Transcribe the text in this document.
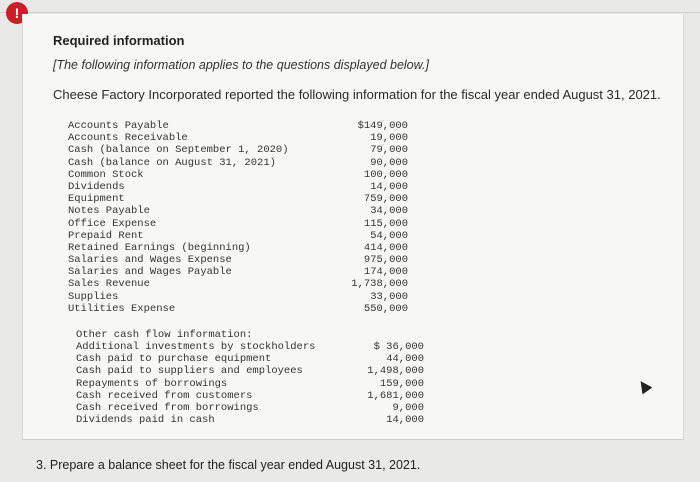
!
Required information
[The following information applies to the questions displayed below.]
Cheese Factory Incorporated reported the following information for the fiscal year ended August 31, 2021.
Accounts Payable	$149,000
Accounts Receivable	19,000
Cash (balance on September 1, 2020)	79,000
Cash (balance on August 31, 2021)	90,000
Common Stock	100,000
Dividends	14,000
Equipment	759,000
Notes Payable	34,000
Office Expense	115,000
Prepaid Rent	54,000
Retained Earnings (beginning)	414,000
Salaries and Wages Expense	975,000
Salaries and Wages Payable	174,000
Sales Revenue	1,738,000
Supplies	33,000
Utilities Expense	550,000
Other cash flow information:
Additional investments by stockholders	$ 36,000
Cash paid to purchase equipment	44,000
Cash paid to suppliers and employees	1,498,000
Repayments of borrowings	159,000
Cash received from customers	1,681,000
Cash received from borrowings	9,000
Dividends paid in cash	14,000
3. Prepare a balance sheet for the fiscal year ended August 31, 2021.
